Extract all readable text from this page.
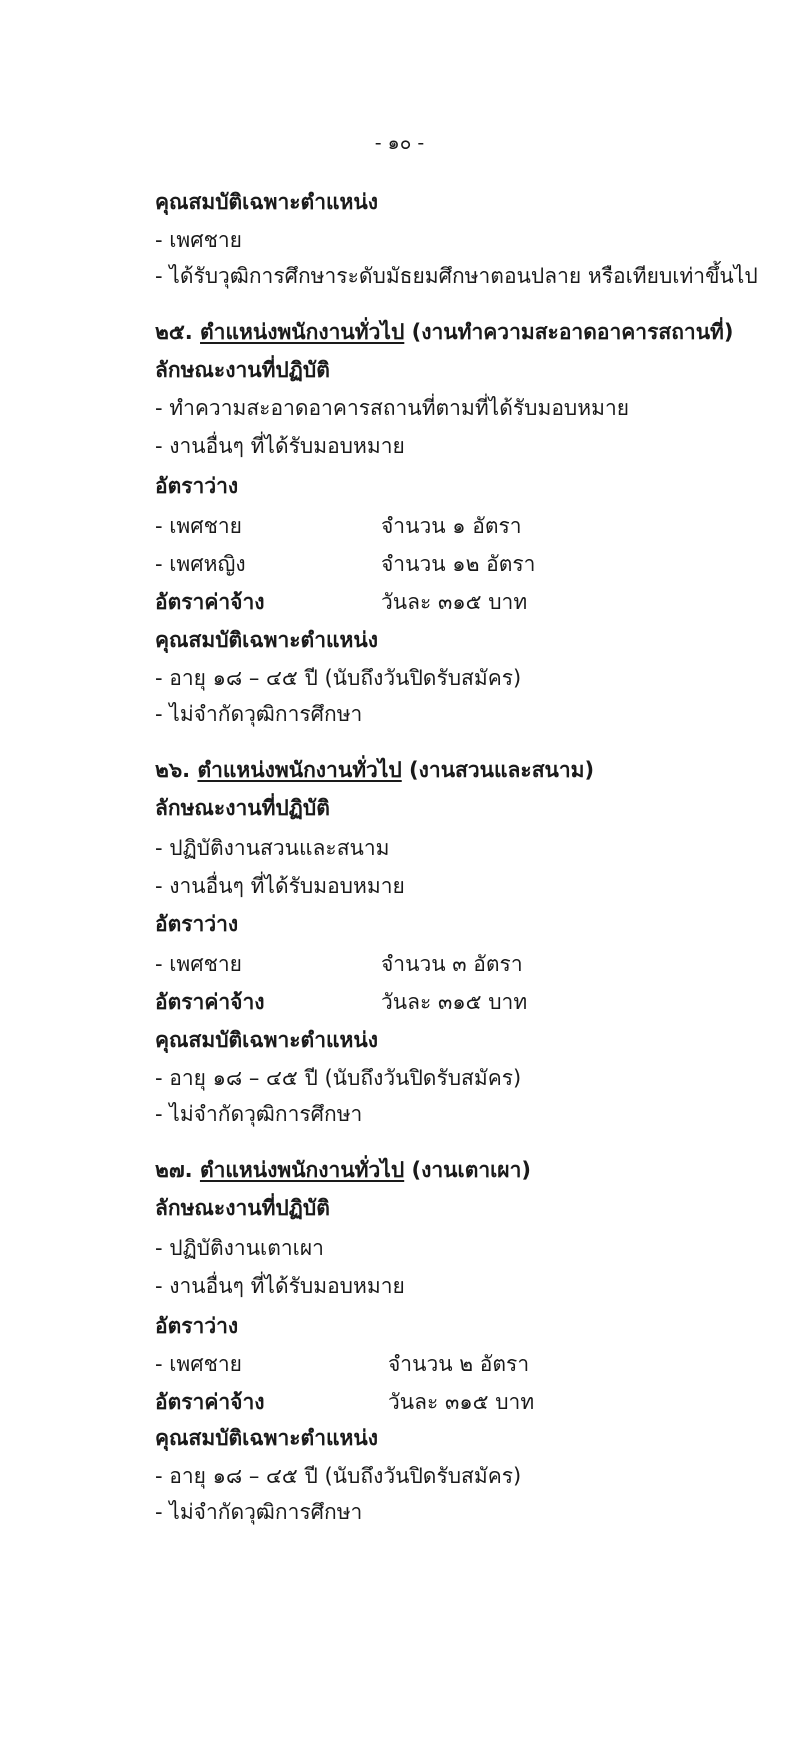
- ๑๐ -
คุณสมบัติเฉพาะตำแหน่ง
- เพศชาย
- ได้รับวุฒิการศึกษาระดับมัธยมศึกษาตอนปลาย หรือเทียบเท่าขึ้นไป
๒๕. ตำแหน่งพนักงานทั่วไป (งานทำความสะอาดอาคารสถานที่)
ลักษณะงานที่ปฏิบัติ
- ทำความสะอาดอาคารสถานที่ตามที่ได้รับมอบหมาย
- งานอื่นๆ ที่ได้รับมอบหมาย
อัตราว่าง
- เพศชาย	จำนวน ๑ อัตรา
- เพศหญิง	จำนวน ๑๒ อัตรา
อัตราค่าจ้าง	วันละ ๓๑๕ บาท
คุณสมบัติเฉพาะตำแหน่ง
- อายุ ๑๘ – ๔๕ ปี (นับถึงวันปิดรับสมัคร)
- ไม่จำกัดวุฒิการศึกษา
๒๖. ตำแหน่งพนักงานทั่วไป (งานสวนและสนาม)
ลักษณะงานที่ปฏิบัติ
- ปฏิบัติงานสวนและสนาม
- งานอื่นๆ ที่ได้รับมอบหมาย
อัตราว่าง
- เพศชาย	จำนวน ๓ อัตรา
อัตราค่าจ้าง	วันละ ๓๑๕ บาท
คุณสมบัติเฉพาะตำแหน่ง
- อายุ ๑๘ – ๔๕ ปี (นับถึงวันปิดรับสมัคร)
- ไม่จำกัดวุฒิการศึกษา
๒๗. ตำแหน่งพนักงานทั่วไป (งานเตาเผา)
ลักษณะงานที่ปฏิบัติ
- ปฏิบัติงานเตาเผา
- งานอื่นๆ ที่ได้รับมอบหมาย
อัตราว่าง
- เพศชาย	จำนวน ๒ อัตรา
อัตราค่าจ้าง	วันละ ๓๑๕ บาท
คุณสมบัติเฉพาะตำแหน่ง
- อายุ ๑๘ – ๔๕ ปี (นับถึงวันปิดรับสมัคร)
- ไม่จำกัดวุฒิการศึกษา
